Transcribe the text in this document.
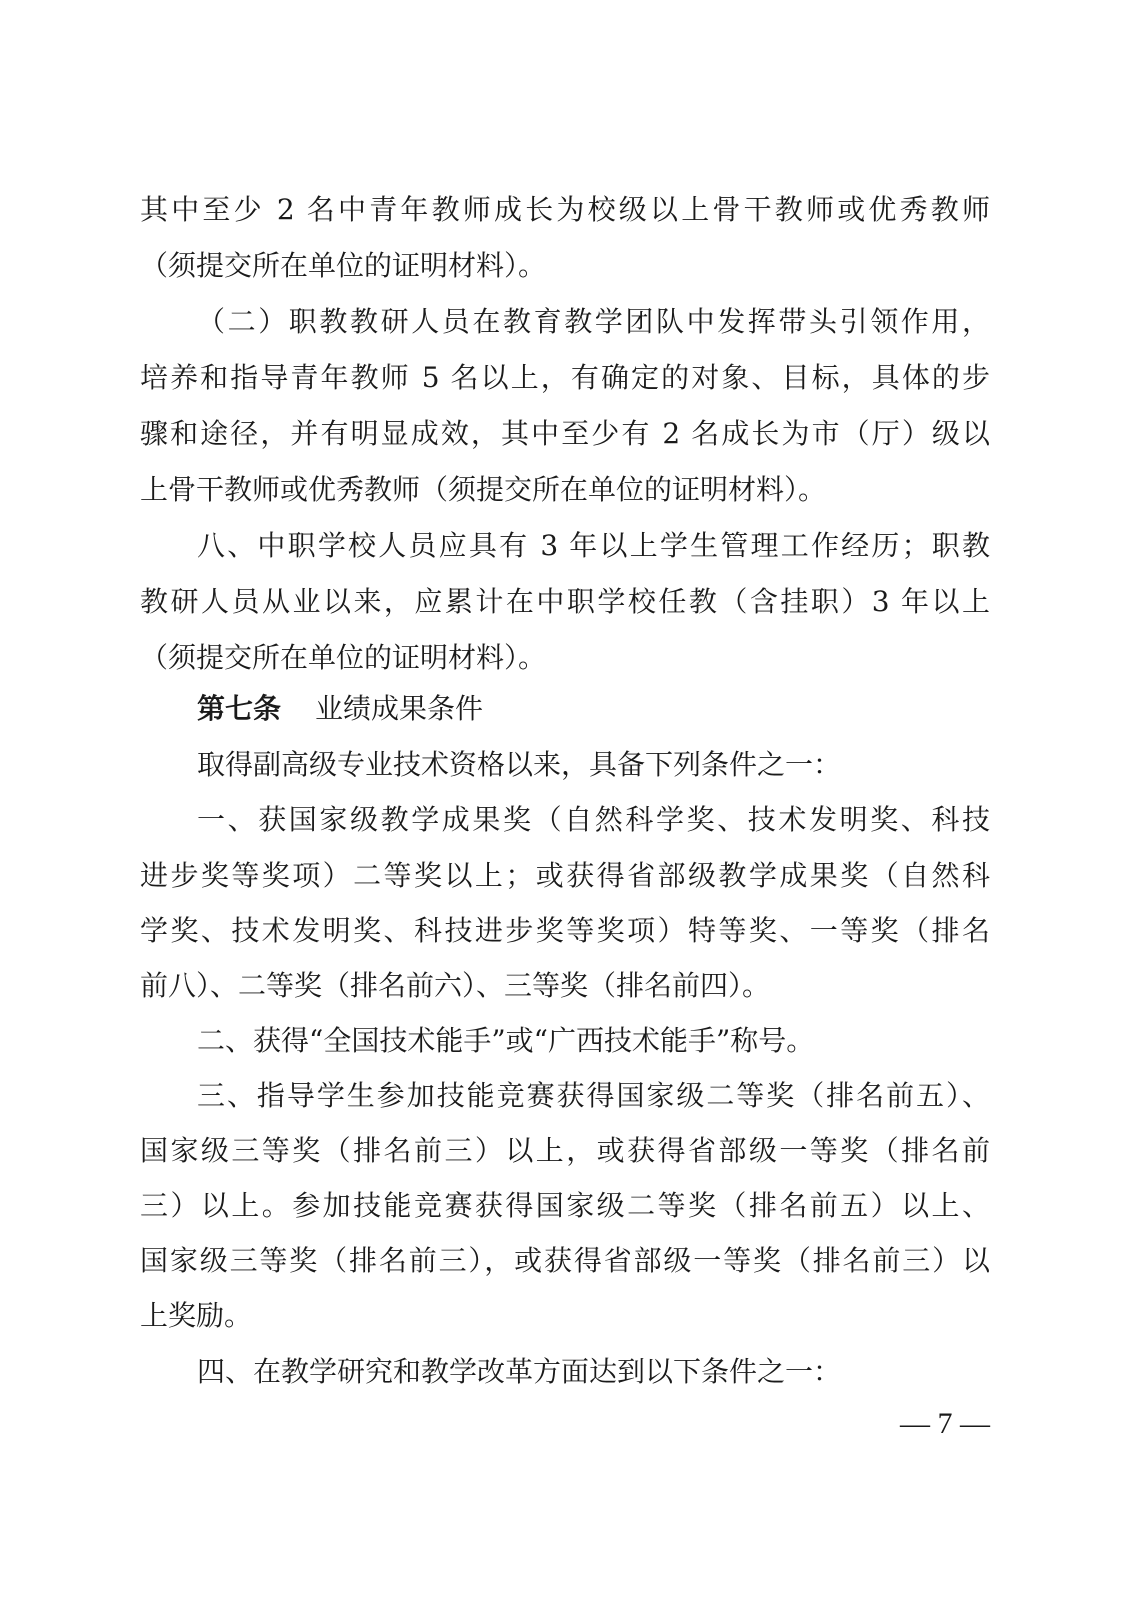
其中至少 2 名中青年教师成长为校级以上骨干教师或优秀教师
（须提交所在单位的证明材料）。
（二）职教教研人员在教育教学团队中发挥带头引领作用，
培养和指导青年教师 5 名以上，有确定的对象、目标，具体的步
骤和途径，并有明显成效，其中至少有 2 名成长为市（厅）级以
上骨干教师或优秀教师（须提交所在单位的证明材料）。
八、中职学校人员应具有 3 年以上学生管理工作经历；职教
教研人员从业以来，应累计在中职学校任教（含挂职）3 年以上
（须提交所在单位的证明材料）。
第七条 业绩成果条件
取得副高级专业技术资格以来，具备下列条件之一：
一、获国家级教学成果奖（自然科学奖、技术发明奖、科技
进步奖等奖项）二等奖以上；或获得省部级教学成果奖（自然科
学奖、技术发明奖、科技进步奖等奖项）特等奖、一等奖（排名
前八）、二等奖（排名前六）、三等奖（排名前四）。
二、获得“全国技术能手”或“广西技术能手”称号。
三、指导学生参加技能竞赛获得国家级二等奖（排名前五）、
国家级三等奖（排名前三）以上，或获得省部级一等奖（排名前
三）以上。参加技能竞赛获得国家级二等奖（排名前五）以上、
国家级三等奖（排名前三），或获得省部级一等奖（排名前三）以
上奖励。
四、在教学研究和教学改革方面达到以下条件之一：
— 7 —
